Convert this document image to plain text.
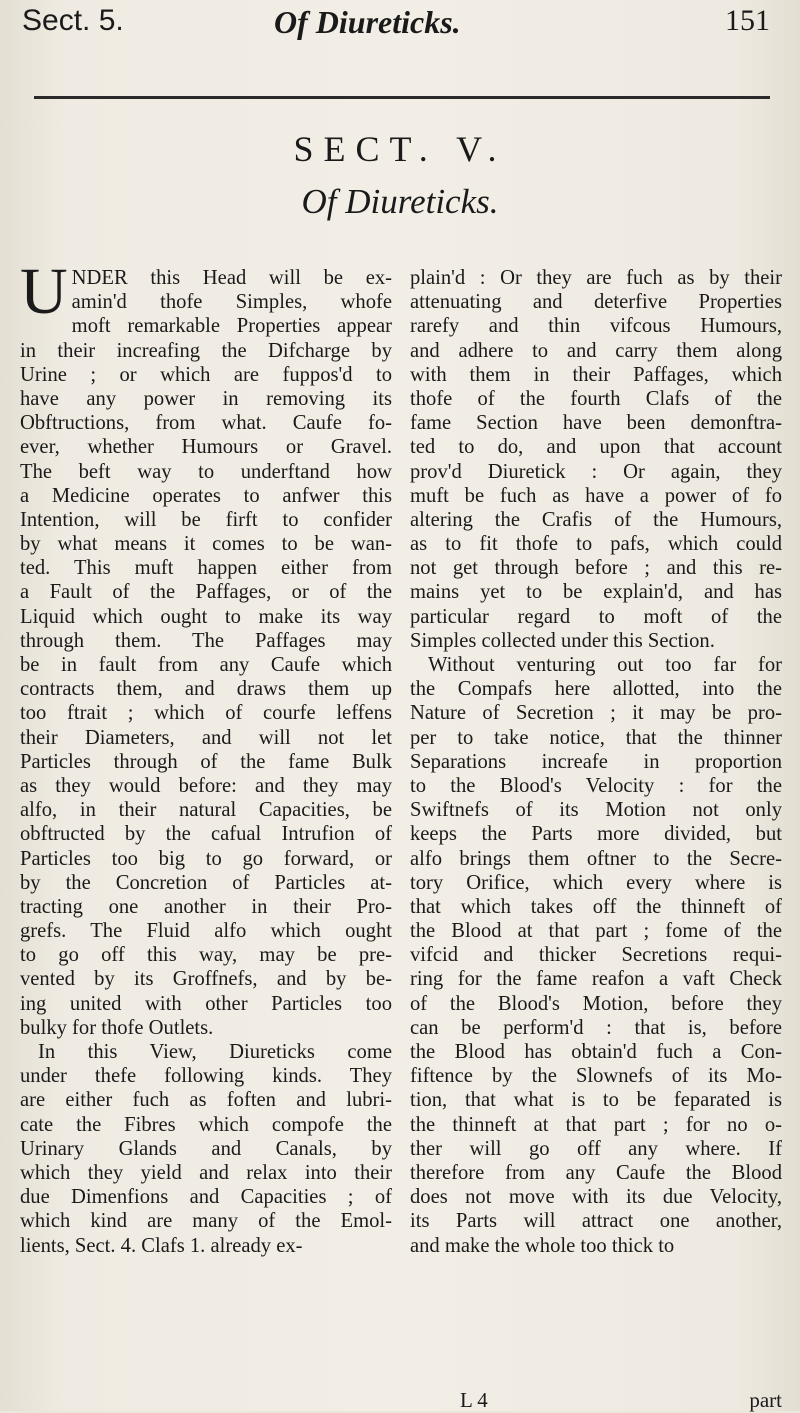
Sect. 5.	Of Diureticks.	151
SECT. V.
Of Diureticks.
U NDER this Head will be ex-
amin'd thofe Simples, whofe
moft remarkable Properties appear
in their increafing the Difcharge by
Urine ; or which are fuppos'd to
have any power in removing its
Obftructions, from what. Caufe fo-
ever, whether Humours or Gravel.
The beft way to underftand how
a Medicine operates to anfwer this
Intention, will be firft to confider
by what means it comes to be wan-
ted. This muft happen either from
a Fault of the Paffages, or of the
Liquid which ought to make its way
through them. The Paffages may
be in fault from any Caufe which
contracts them, and draws them up
too ftrait ; which of courfe leffens
their Diameters, and will not let
Particles through of the fame Bulk
as they would before: and they may
alfo, in their natural Capacities, be
obftructed by the cafual Intrufion of
Particles too big to go forward, or
by the Concretion of Particles at-
tracting one another in their Pro-
grefs. The Fluid alfo which ought
to go off this way, may be pre-
vented by its Groffnefs, and by be-
ing united with other Particles too
bulky for thofe Outlets.
In this View, Diureticks come
under thefe following kinds. They
are either fuch as foften and lubri-
cate the Fibres which compofe the
Urinary Glands and Canals, by
which they yield and relax into their
due Dimenfions and Capacities ; of
which kind are many of the Emol-
lients, Sect. 4. Clafs 1. already ex-
plain'd : Or they are fuch as by their
attenuating and deterfive Properties
rarefy and thin vifcous Humours,
and adhere to and carry them along
with them in their Paffages, which
thofe of the fourth Clafs of the
fame Section have been demonftra-
ted to do, and upon that account
prov'd Diuretick : Or again, they
muft be fuch as have a power of fo
altering the Crafis of the Humours,
as to fit thofe to pafs, which could
not get through before ; and this re-
mains yet to be explain'd, and has
particular regard to moft of the
Simples collected under this Section.
Without venturing out too far for
the Compafs here allotted, into the
Nature of Secretion ; it may be pro-
per to take notice, that the thinner
Separations increafe in proportion
to the Blood's Velocity : for the
Swiftnefs of its Motion not only
keeps the Parts more divided, but
alfo brings them oftner to the Secre-
tory Orifice, which every where is
that which takes off the thinneft of
the Blood at that part ; fome of the
vifcid and thicker Secretions requi-
ring for the fame reafon a vaft Check
of the Blood's Motion, before they
can be perform'd : that is, before
the Blood has obtain'd fuch a Con-
fiftence by the Slownefs of its Mo-
tion, that what is to be feparated is
the thinneft at that part ; for no o-
ther will go off any where. If
therefore from any Caufe the Blood
does not move with its due Velocity,
its Parts will attract one another,
and make the whole too thick to
L 4	part
